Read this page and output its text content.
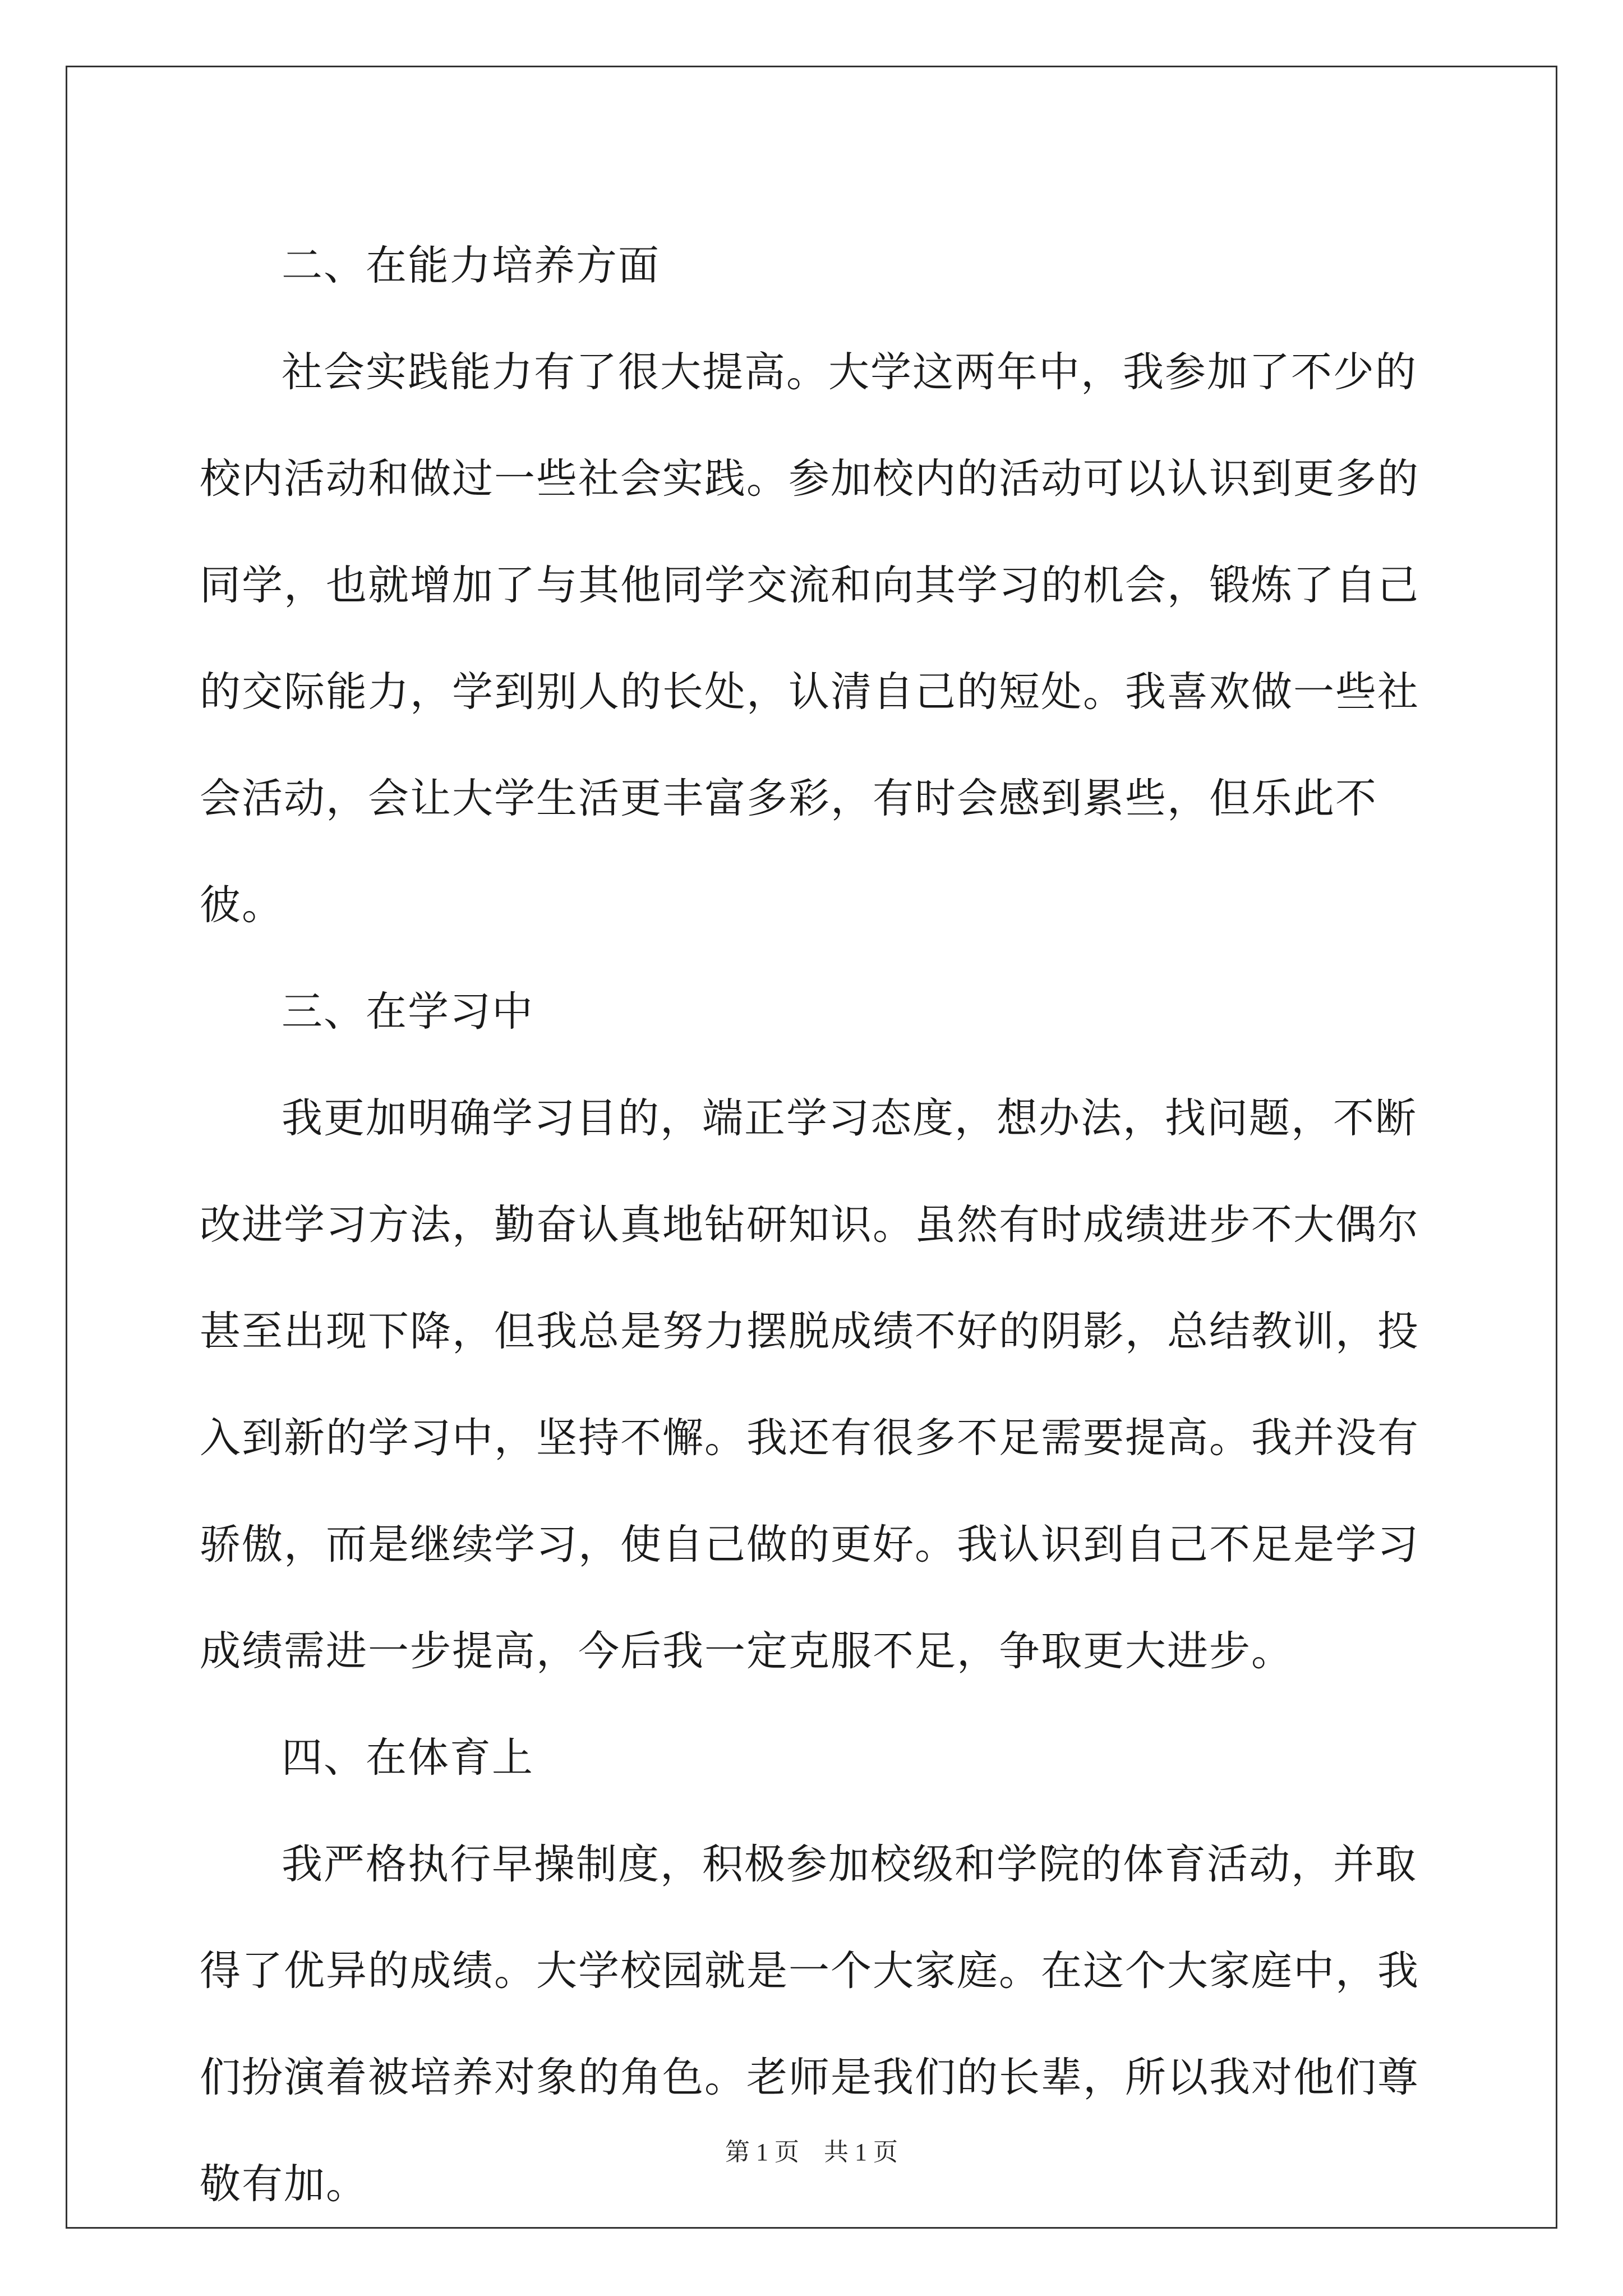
二、在能力培养方面

社会实践能力有了很大提高。大学这两年中，我参加了不少的校内活动和做过一些社会实践。参加校内的活动可以认识到更多的同学，也就增加了与其他同学交流和向其学习的机会，锻炼了自己的交际能力，学到别人的长处，认清自己的短处。我喜欢做一些社会活动，会让大学生活更丰富多彩，有时会感到累些，但乐此不彼。

三、在学习中

我更加明确学习目的，端正学习态度，想办法，找问题，不断改进学习方法，勤奋认真地钻研知识。虽然有时成绩进步不大偶尔甚至出现下降，但我总是努力摆脱成绩不好的阴影，总结教训，投入到新的学习中，坚持不懈。我还有很多不足需要提高。我并没有骄傲，而是继续学习，使自己做的更好。我认识到自己不足是学习成绩需进一步提高，今后我一定克服不足，争取更大进步。

四、在体育上

我严格执行早操制度，积极参加校级和学院的体育活动，并取得了优异的成绩。大学校园就是一个大家庭。在这个大家庭中，我们扮演着被培养对象的角色。老师是我们的长辈，所以我对他们尊敬有加。

第 1 页 共 1 页
